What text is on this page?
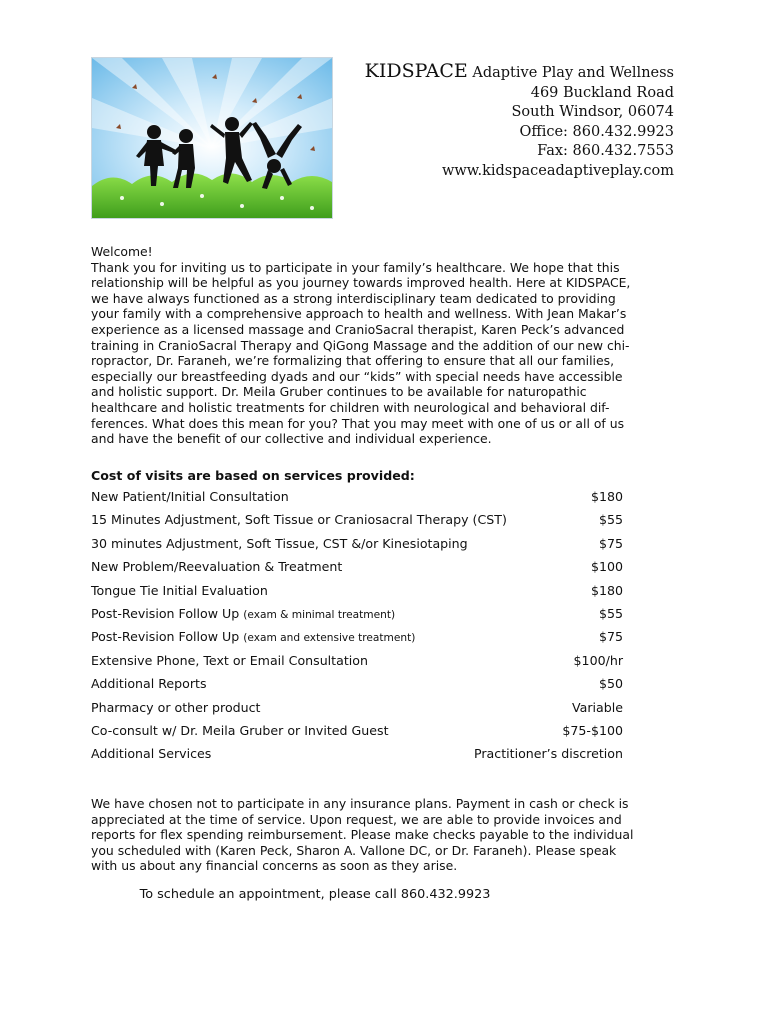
KIDSPACE Adaptive Play and Wellness
469 Buckland Road
South Windsor, 06074
Office: 860.432.9923
Fax: 860.432.7553
www.kidspaceadaptiveplay.com

Welcome!

Thank you for inviting us to participate in your family’s healthcare. We hope that this
relationship will be helpful as you journey towards improved health. Here at KIDSPACE,
we have always functioned as a strong interdisciplinary team dedicated to providing
your family with a comprehensive approach to health and wellness. With Jean Makar’s
experience as a licensed massage and CranioSacral therapist, Karen Peck’s advanced
training in CranioSacral Therapy and QiGong Massage and the addition of our new chi-
ropractor, Dr. Faraneh, we’re formalizing that offering to ensure that all our families,
especially our breastfeeding dyads and our “kids” with special needs have accessible
and holistic support. Dr. Meila Gruber continues to be available for naturopathic
healthcare and holistic treatments for children with neurological and behavioral dif-
ferences. What does this mean for you? That you may meet with one of us or all of us
and have the benefit of our collective and individual experience.

Cost of visits are based on services provided:
New Patient/Initial Consultation	$180
15 Minutes Adjustment, Soft Tissue or Craniosacral Therapy (CST)	$55
30 minutes Adjustment, Soft Tissue, CST &/or Kinesiotaping	$75
New Problem/Reevaluation & Treatment	$100
Tongue Tie Initial Evaluation	$180
Post-Revision Follow Up (exam & minimal treatment)	$55
Post-Revision Follow Up (exam and extensive treatment)	$75
Extensive Phone, Text or Email Consultation	$100/hr
Additional Reports	$50
Pharmacy or other product	Variable
Co-consult w/ Dr. Meila Gruber or Invited Guest	$75-$100
Additional Services	Practitioner’s discretion
We have chosen not to participate in any insurance plans. Payment in cash or check is
appreciated at the time of service. Upon request, we are able to provide invoices and
reports for flex spending reimbursement. Please make checks payable to the individual
you scheduled with (Karen Peck, Sharon A. Vallone DC, or Dr. Faraneh). Please speak
with us about any financial concerns as soon as they arise.
To schedule an appointment, please call 860.432.9923
